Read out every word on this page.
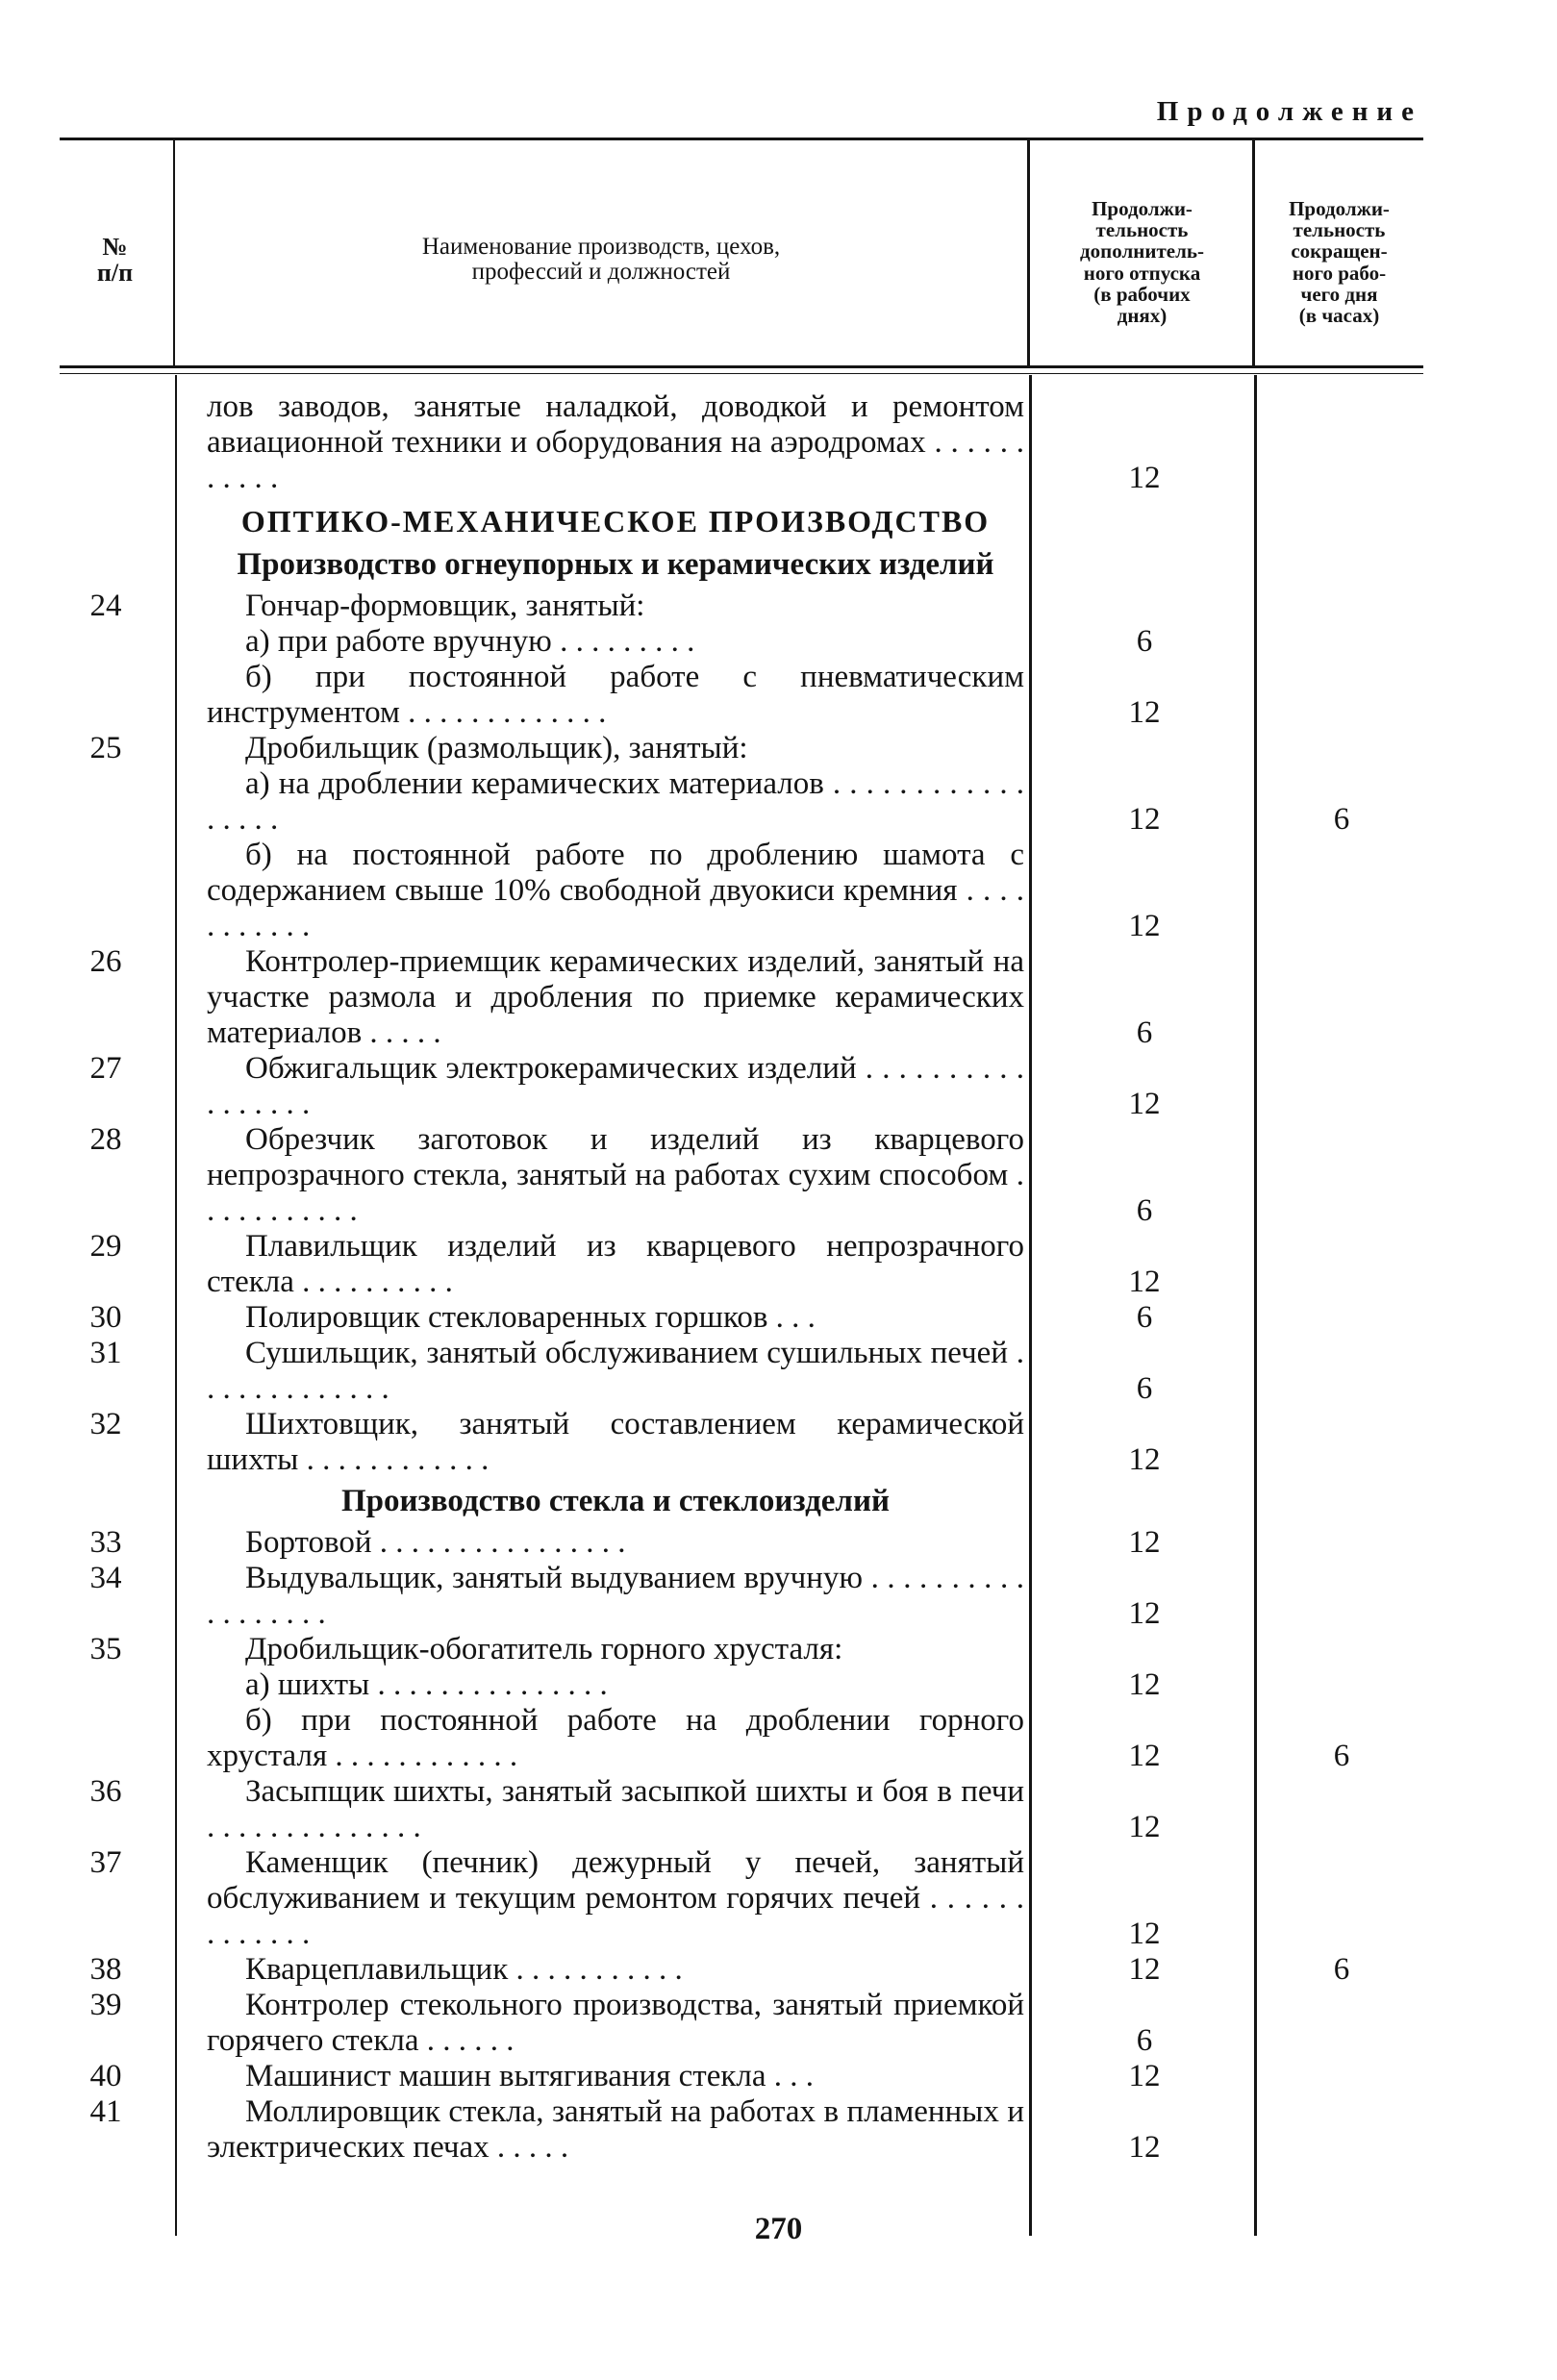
Продолжение
№
п/п
Наименование производств, цехов,
профессий и должностей
Продолжи-
тельность
дополнитель-
ного отпуска
(в рабочих
днях)
Продолжи-
тельность
сокращен-
ного рабо-
чего дня
(в часах)
лов заводов, занятые наладкой, доводкой и ремонтом авиационной техники и оборудования на аэродромах . . . . . . . . . . .	12
ОПТИКО-МЕХАНИЧЕСКОЕ ПРОИЗВОДСТВО
Производство огнеупорных и керамических изделий
24	Гончар-формовщик, занятый:
а) при работе вручную . . . . . . . . .	6
б) при постоянной работе с пневматическим инструментом . . . . . . . . . . . . .	12
25	Дробильщик (размольщик), занятый:
а) на дроблении керамических материалов . . . . . . . . . . . . . . . . .	12	6
б) на постоянной работе по дроблению шамота с содержанием свыше 10% свободной двуокиси кремния . . . . . . . . . . .	12
26	Контролер-приемщик керамических изделий, занятый на участке размола и дробления по приемке керамических материалов . . . . .	6
27	Обжигальщик электрокерамических изделий . . . . . . . . . . . . . . . . .	12
28	Обрезчик заготовок и изделий из кварцевого непрозрачного стекла, занятый на работах сухим способом . . . . . . . . . . .	6
29	Плавильщик изделий из кварцевого непрозрачного стекла . . . . . . . . . .	12
30	Полировщик стекловаренных горшков . . .	6
31	Сушильщик, занятый обслуживанием сушильных печей . . . . . . . . . . . . .	6
32	Шихтовщик, занятый составлением керамической шихты . . . . . . . . . . . .	12
Производство стекла и стеклоизделий
33	Бортовой . . . . . . . . . . . . . . . .	12
34	Выдувальщик, занятый выдуванием вручную . . . . . . . . . . . . . . . . . .	12
35	Дробильщик-обогатитель горного хрусталя:
а) шихты . . . . . . . . . . . . . . .	12
б) при постоянной работе на дроблении горного хрусталя . . . . . . . . . . . .	12	6
36	Засыпщик шихты, занятый засыпкой шихты и боя в печи . . . . . . . . . . . . . .	12
37	Каменщик (печник) дежурный у печей, занятый обслуживанием и текущим ремонтом горячих печей . . . . . . . . . . . . .	12
38	Кварцеплавильщик . . . . . . . . . . .	12	6
39	Контролер стекольного производства, занятый приемкой горячего стекла . . . . . .	6
40	Машинист машин вытягивания стекла . . .	12
41	Моллировщик стекла, занятый на работах в пламенных и электрических печах . . . . .	12
270
